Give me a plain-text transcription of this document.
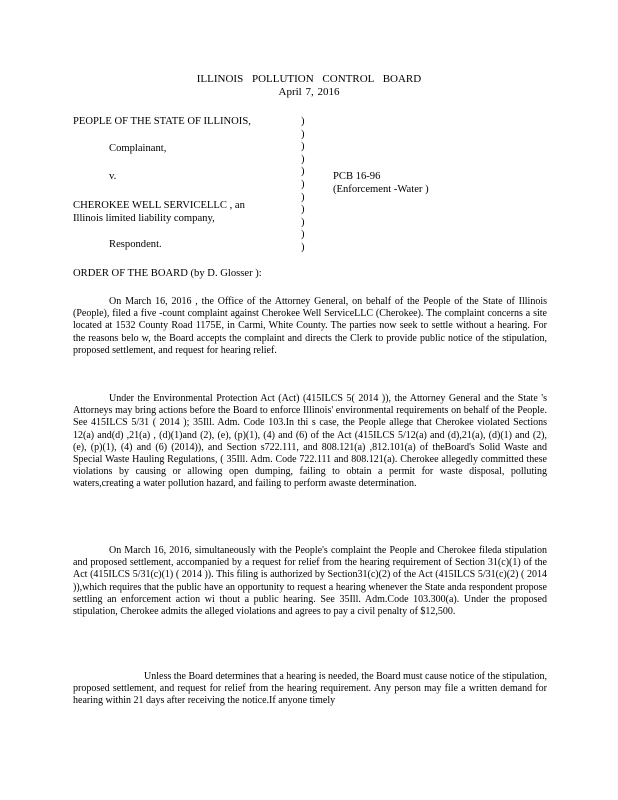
ILLINOIS POLLUTION CONTROL BOARD
April 7, 2016
PEOPLE OF THE STATE OF ILLINOIS,
Complainant,
v.
CHEROKEE WELL SERVICELLC , an
Illinois limited liability company,
Respondent.
)
)
)
)
)
)
)
)
)
)
)
PCB 16-96
(Enforcement -Water )
ORDER OF THE BOARD (by D. Glosser ):

On March 16, 2016 , the Office of the Attorney General, on behalf of the People of the State of Illinois (People), filed a five -count complaint against Cherokee Well ServiceLLC (Cherokee). The complaint concerns a site located at 1532 County Road 1175E, in Carmi, White County. The parties now seek to settle without a hearing. For the reasons belo w, the Board accepts the complaint and directs the Clerk to provide public notice of the stipulation, proposed settlement, and request for hearing relief.

Under the Environmental Protection Act (Act) (415ILCS 5( 2014 )), the Attorney General and the State 's Attorneys may bring actions before the Board to enforce Illinois' environmental requirements on behalf of the People. See 415ILCS 5/31 ( 2014 ); 35Ill. Adm. Code 103.In thi s case, the People allege that Cherokee violated Sections 12(a) and(d) ,21(a) , (d)(1)and (2), (e), (p)(1), (4) and (6) of the Act (415ILCS 5/12(a) and (d),21(a), (d)(1) and (2), (e), (p)(1), (4) and (6) (2014)), and Section s722.111, and 808.121(a) ,812.101(a) of theBoard's Solid Waste and Special Waste Hauling Regulations, ( 35Ill. Adm. Code 722.111 and 808.121(a). Cherokee allegedly committed these violations by causing or allowing open dumping, failing to obtain a permit for waste disposal, polluting waters,creating a water pollution hazard, and failing to perform awaste determination.

On March 16, 2016, simultaneously with the People's complaint the People and Cherokee fileda stipulation and proposed settlement, accompanied by a request for relief from the hearing requirement of Section 31(c)(1) of the Act (415ILCS 5/31(c)(1) ( 2014 )). This filing is authorized by Section31(c)(2) of the Act (415ILCS 5/31(c)(2) ( 2014 )),which requires that the public have an opportunity to request a hearing whenever the State anda respondent propose settling an enforcement action wi thout a public hearing. See 35Ill. Adm.Code 103.300(a). Under the proposed stipulation, Cherokee admits the alleged violations and agrees to pay a civil penalty of $12,500.

Unless the Board determines that a hearing is needed, the Board must cause notice of the stipulation, proposed settlement, and request for relief from the hearing requirement. Any person may file a written demand for hearing within 21 days after receiving the notice.If anyone timely
